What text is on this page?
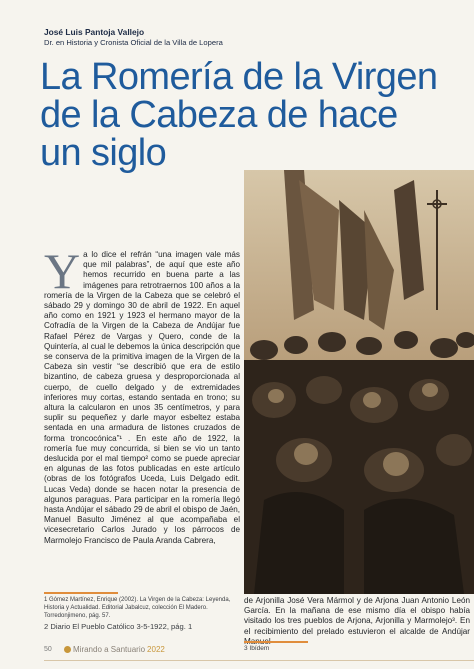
José Luis Pantoja Vallejo
Dr. en Historia y Cronista Oficial de la Villa de Lopera
La Romería de la Virgen
de la Cabeza de hace
un siglo
Y a lo dice el refrán “una imagen vale más que mil palabras”, de aquí que este año hemos recurrido en buena parte a las imágenes para retrotraernos 100 años a la romería de la Virgen de la Cabeza que se celebró el sábado 29 y domingo 30 de abril de 1922. En aquel año como en 1921 y 1923 el hermano mayor de la Cofradía de la Virgen de la Cabeza de Andújar fue Rafael Pérez de Vargas y Quero, conde de la Quintería, al cual le debemos la única descripción que se conserva de la primitiva imagen de la Virgen de la Cabeza sin vestir “se describió que era de estilo bizantino, de cabeza gruesa y desproporcionada al cuerpo, de cuello delgado y de extremidades inferiores muy cortas, estando sentada en trono; su altura la calcularon en unos 35 centímetros, y para suplir su pequeñez y darle mayor esbeltez estaba sentada en una armadura de listones cruzados de forma troncocónica”¹ . En este año de 1922, la romería fue muy concurrida, si bien se vio un tanto deslucida por el mal tiempo² como se puede apreciar en algunas de las fotos publicadas en este artículo (obras de los fotógrafos Uceda, Luis Delgado edit. Lucas Veda) donde se hacen notar la presencia de algunos paraguas. Para participar en la romería llegó hasta Andújar el sábado 29 de abril el obispo de Jaén, Manuel Basulto Jiménez al que acompañaba el vicesecretario Carlos Jurado y los párrocos de Marmolejo Francisco de Paula Aranda Cabrera,

de Arjonilla José Vera Mármol y de Arjona Juan Antonio León García. En la mañana de ese mismo día el obispo había visitado los tres pueblos de Arjona, Arjonilla y Marmolejo³. En el recibimiento del prelado estuvieron el alcalde de Andújar
1 Gómez Martínez, Enrique (2002). La Virgen de la Cabeza: Leyenda, Historia y Actualidad. Editorial Jabalcuz, colección El Madero. Torredonjimeno, pág. 57.
2 Diario El Pueblo Católico 3-5-1922, pág. 1
3 Ibídem
50	Mirando a Santuario 2022
